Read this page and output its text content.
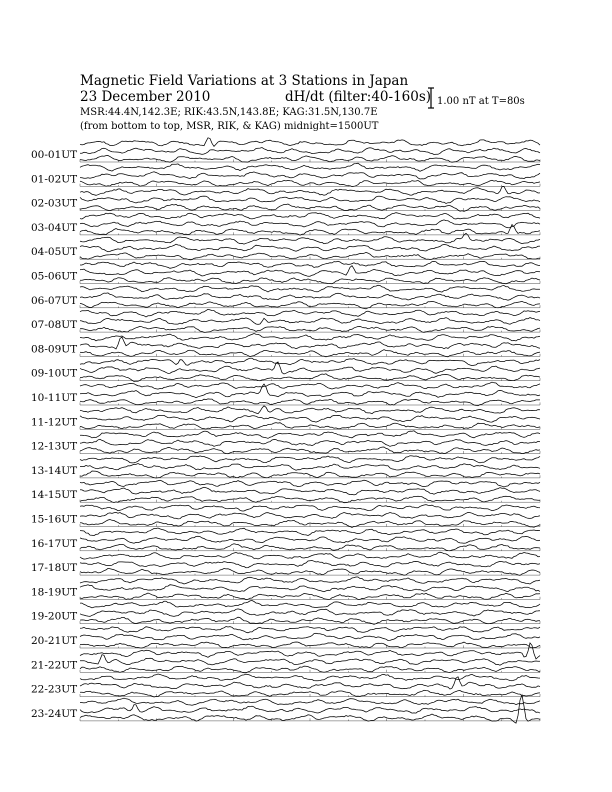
Magnetic Field Variations at 3 Stations in Japan
23 December 2010	dH/dt (filter:40-160s)
MSR:44.4N,142.3E; RIK:43.5N,143.8E; KAG:31.5N,130.7E
(from bottom to top, MSR, RIK, & KAG) midnight=1500UT
1.00 nT at T=80s
00-01UT
01-02UT
02-03UT
03-04UT
04-05UT
05-06UT
06-07UT
07-08UT
08-09UT
09-10UT
10-11UT
11-12UT
12-13UT
13-14UT
14-15UT
15-16UT
16-17UT
17-18UT
18-19UT
19-20UT
20-21UT
21-22UT
22-23UT
23-24UT
